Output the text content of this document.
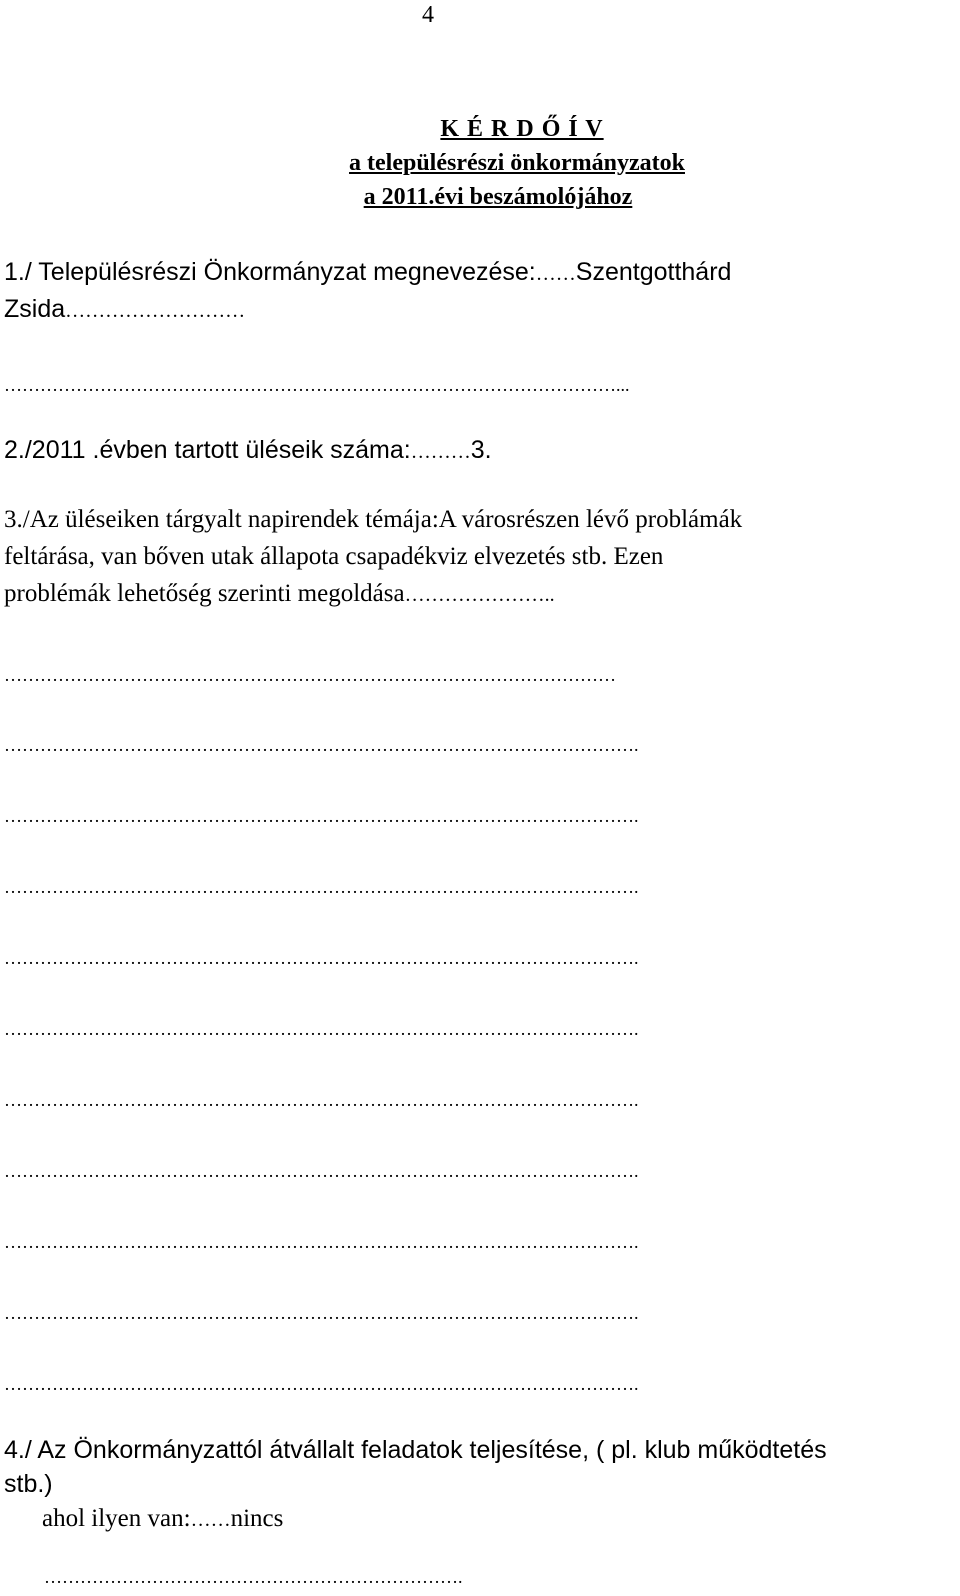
4
K É R D Ő Í V
a településrészi önkormányzatok
a 2011.évi beszámolójához
1./ Településrészi Önkormányzat megnevezése:……Szentgotthárd
Zsida………………………
…………………………………………………………………………………………...
2./2011 .évben tartott üléseik száma:………3.
3./Az üléseiken tárgyalt napirendek témája:A városrészen lévő problámák
feltárása, van bőven utak állapota csapadékviz elvezetés stb. Ezen
problémák lehetőség szerinti megoldása…………………..
…………………………………………………………………………………………
…………………………………………………………………………………………….
…………………………………………………………………………………………….
…………………………………………………………………………………………….
…………………………………………………………………………………………….
…………………………………………………………………………………………….
…………………………………………………………………………………………….
…………………………………………………………………………………………….
…………………………………………………………………………………………….
…………………………………………………………………………………………….
…………………………………………………………………………………………….
4./ Az Önkormányzattól átvállalt feladatok teljesítése, ( pl. klub működtetés
stb.)
ahol ilyen van:……nincs
…………………………………………………………….
